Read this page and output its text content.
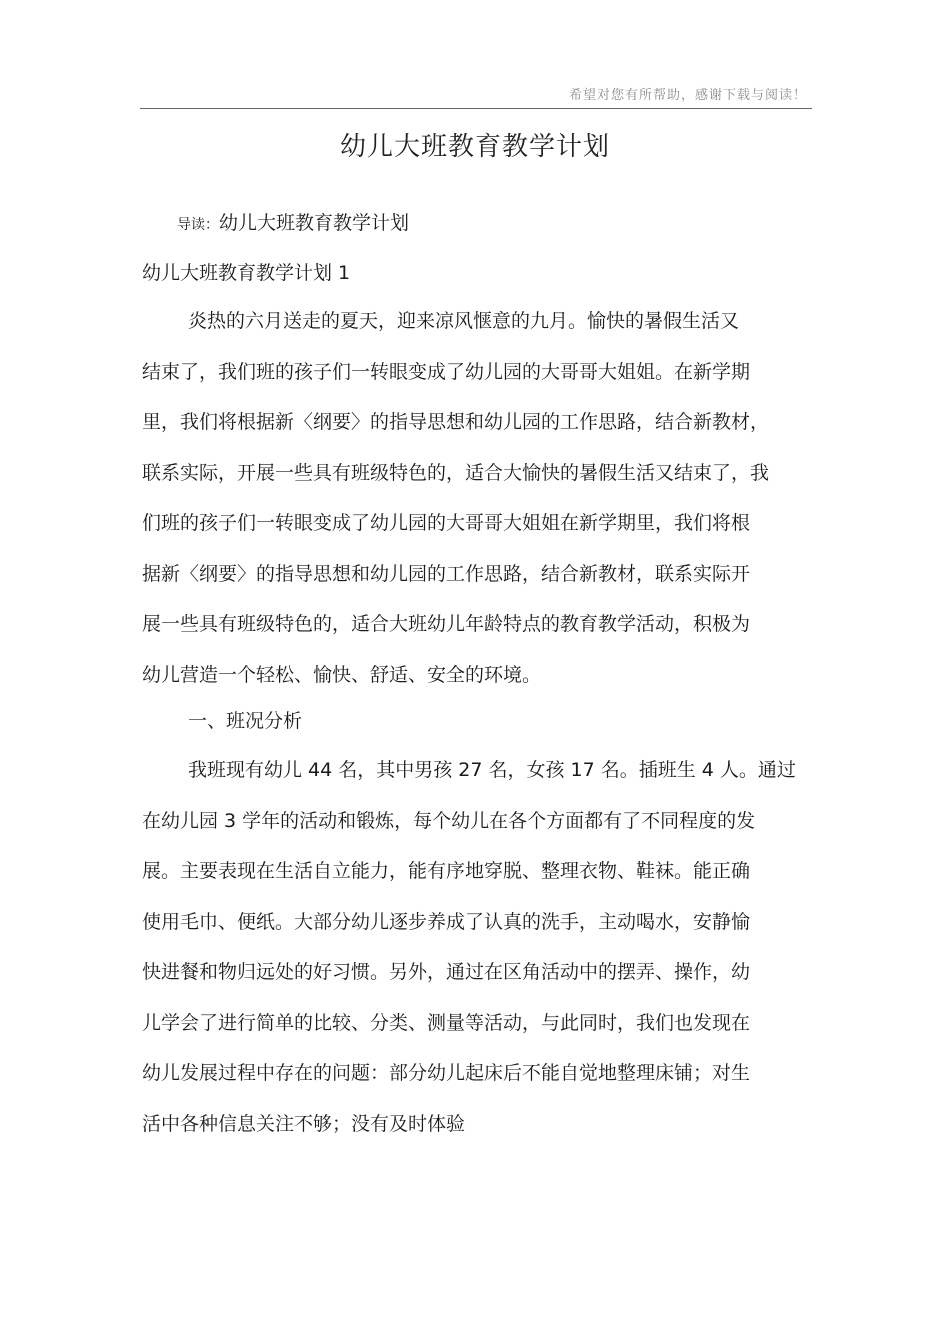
希望对您有所帮助，感谢下载与阅读！
幼儿大班教育教学计划
导读：幼儿大班教育教学计划
幼儿大班教育教学计划 1
炎热的六月送走的夏天，迎来凉风惬意的九月。愉快的暑假生活又
结束了，我们班的孩子们一转眼变成了幼儿园的大哥哥大姐姐。在新学期
里，我们将根据新〈纲要〉的指导思想和幼儿园的工作思路，结合新教材，
联系实际，开展一些具有班级特色的，适合大愉快的暑假生活又结束了，我
们班的孩子们一转眼变成了幼儿园的大哥哥大姐姐在新学期里，我们将根
据新〈纲要〉的指导思想和幼儿园的工作思路，结合新教材，联系实际开
展一些具有班级特色的，适合大班幼儿年龄特点的教育教学活动，积极为
幼儿营造一个轻松、愉快、舒适、安全的环境。
一、班况分析
我班现有幼儿 44 名，其中男孩 27 名，女孩 17 名。插班生 4 人。通过
在幼儿园 3 学年的活动和锻炼，每个幼儿在各个方面都有了不同程度的发
展。主要表现在生活自立能力，能有序地穿脱、整理衣物、鞋袜。能正确
使用毛巾、便纸。大部分幼儿逐步养成了认真的洗手，主动喝水，安静愉
快进餐和物归远处的好习惯。另外，通过在区角活动中的摆弄、操作，幼
儿学会了进行简单的比较、分类、测量等活动，与此同时，我们也发现在
幼儿发展过程中存在的问题：部分幼儿起床后不能自觉地整理床铺；对生
活中各种信息关注不够；没有及时体验
